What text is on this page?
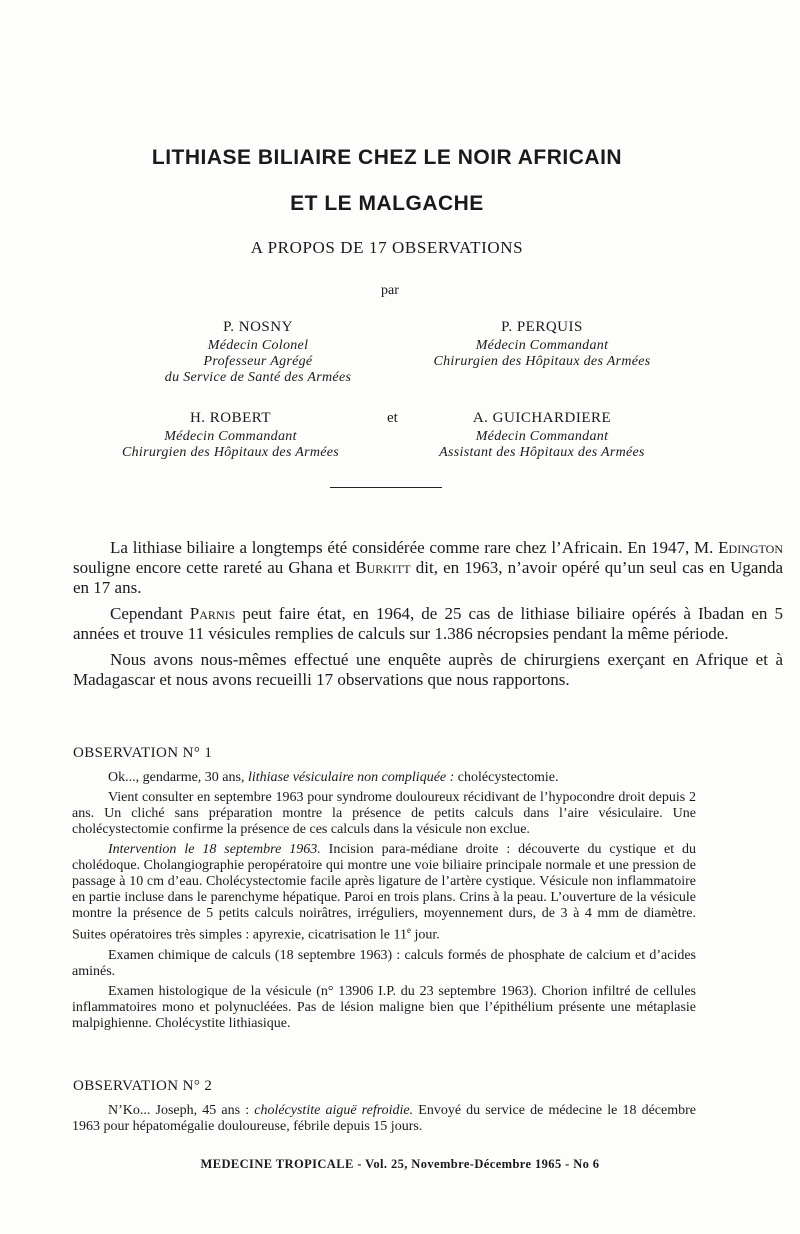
LITHIASE BILIAIRE CHEZ LE NOIR AFRICAIN
ET LE MALGACHE
A PROPOS DE 17 OBSERVATIONS
par
P. NOSNY
Médecin Colonel
Professeur Agrégé
du Service de Santé des Armées
P. PERQUIS
Médecin Commandant
Chirurgien des Hôpitaux des Armées
H. ROBERT
Médecin Commandant
Chirurgien des Hôpitaux des Armées
et	A. GUICHARDIERE
Médecin Commandant
Assistant des Hôpitaux des Armées

La lithiase biliaire a longtemps été considérée comme rare chez l’Africain. En 1947, M. Edington souligne encore cette rareté au Ghana et Burkitt dit, en 1963, n’avoir opéré qu’un seul cas en Uganda en 17 ans.

Cependant Parnis peut faire état, en 1964, de 25 cas de lithiase biliaire opérés à Ibadan en 5 années et trouve 11 vésicules remplies de calculs sur 1.386 nécropsies pendant la même période.

Nous avons nous-mêmes effectué une enquête auprès de chirurgiens exerçant en Afrique et à Madagascar et nous avons recueilli 17 observations que nous rapportons.

OBSERVATION N° 1

Ok..., gendarme, 30 ans, lithiase vésiculaire non compliquée : cholécystectomie.

Vient consulter en septembre 1963 pour syndrome douloureux récidivant de l’hypocondre droit depuis 2 ans. Un cliché sans préparation montre la présence de petits calculs dans l’aire vésiculaire. Une cholécystectomie confirme la présence de ces calculs dans la vésicule non exclue.

Intervention le 18 septembre 1963. Incision para-médiane droite : découverte du cystique et du cholédoque. Cholangiographie peropératoire qui montre une voie biliaire principale normale et une pression de passage à 10 cm d’eau. Cholécystectomie facile après ligature de l’artère cystique. Vésicule non inflammatoire en partie incluse dans le parenchyme hépatique. Paroi en trois plans. Crins à la peau. L’ouverture de la vésicule montre la présence de 5 petits calculs noirâtres, irréguliers, moyennement durs, de 3 à 4 mm de diamètre. Suites opératoires très simples : apyrexie, cicatrisation le 11e jour.

Examen chimique de calculs (18 septembre 1963) : calculs formés de phosphate de calcium et d’acides aminés.

Examen histologique de la vésicule (n° 13906 I.P. du 23 septembre 1963). Chorion infiltré de cellules inflammatoires mono et polynucléées. Pas de lésion maligne bien que l’épithélium présente une métaplasie malpighienne. Cholécystite lithiasique.

OBSERVATION N° 2

N’Ko... Joseph, 45 ans : cholécystite aiguë refroidie. Envoyé du service de médecine le 18 décembre 1963 pour hépatomégalie douloureuse, fébrile depuis 15 jours.

MEDECINE TROPICALE - Vol. 25, Novembre-Décembre 1965 - No 6
